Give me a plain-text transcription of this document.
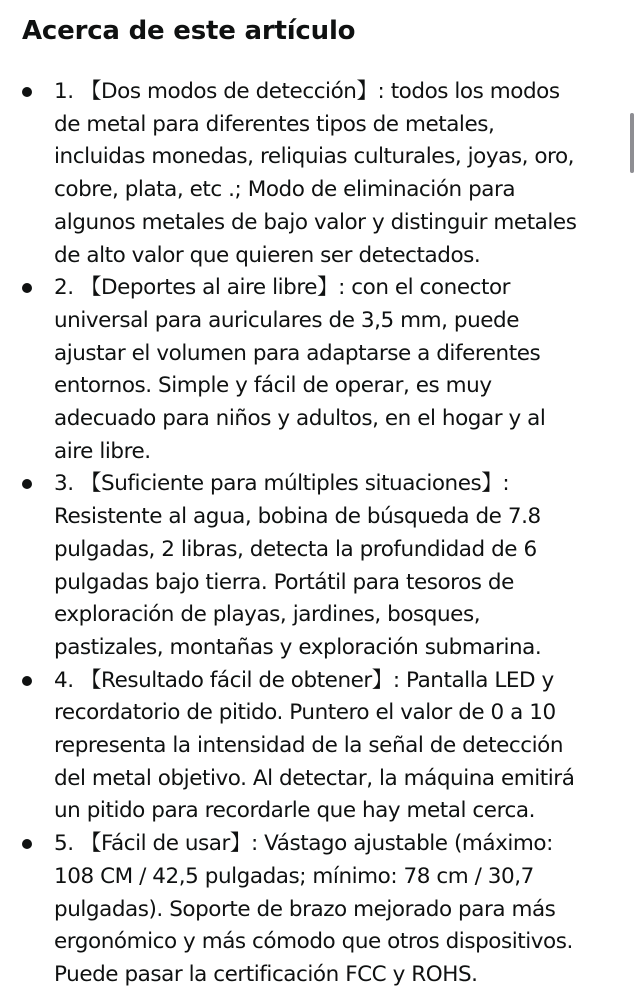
Acerca de este artículo
1. 【Dos modos de detección】: todos los modos
de metal para diferentes tipos de metales,
incluidas monedas, reliquias culturales, joyas, oro,
cobre, plata, etc .; Modo de eliminación para
algunos metales de bajo valor y distinguir metales
de alto valor que quieren ser detectados.
2. 【Deportes al aire libre】: con el conector
universal para auriculares de 3,5 mm, puede
ajustar el volumen para adaptarse a diferentes
entornos. Simple y fácil de operar, es muy
adecuado para niños y adultos, en el hogar y al
aire libre.
3. 【Suficiente para múltiples situaciones】:
Resistente al agua, bobina de búsqueda de 7.8
pulgadas, 2 libras, detecta la profundidad de 6
pulgadas bajo tierra. Portátil para tesoros de
exploración de playas, jardines, bosques,
pastizales, montañas y exploración submarina.
4. 【Resultado fácil de obtener】: Pantalla LED y
recordatorio de pitido. Puntero el valor de 0 a 10
representa la intensidad de la señal de detección
del metal objetivo. Al detectar, la máquina emitirá
un pitido para recordarle que hay metal cerca.
5. 【Fácil de usar】: Vástago ajustable (máximo:
108 CM / 42,5 pulgadas; mínimo: 78 cm / 30,7
pulgadas). Soporte de brazo mejorado para más
ergonómico y más cómodo que otros dispositivos.
Puede pasar la certificación FCC y ROHS.
